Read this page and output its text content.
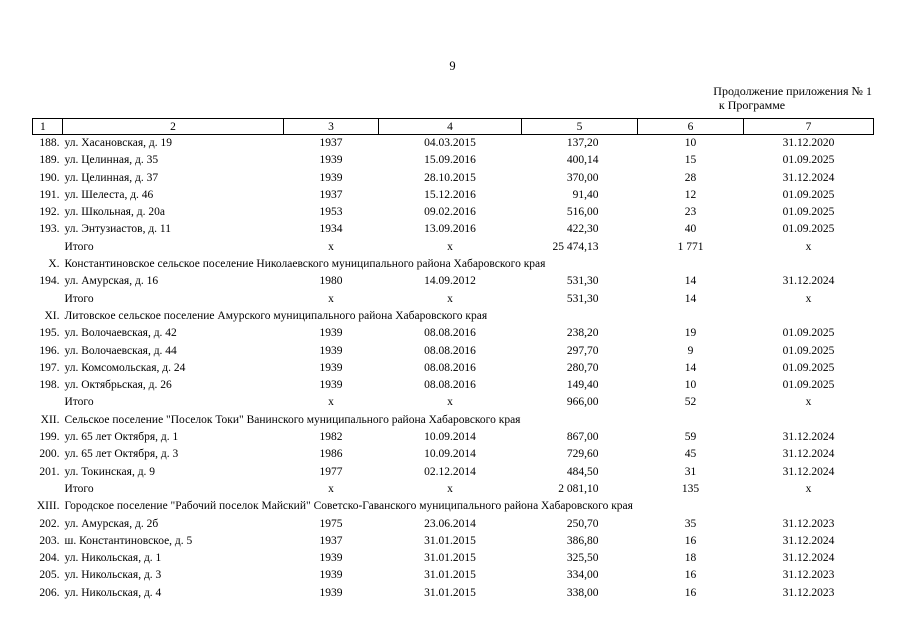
9
Продолжение приложения № 1
к Программе
1	2	3	4	5	6	7
188.	ул. Хасановская, д. 19	1937	04.03.2015	137,20	10	31.12.2020
189.	ул. Целинная, д. 35	1939	15.09.2016	400,14	15	01.09.2025
190.	ул. Целинная, д. 37	1939	28.10.2015	370,00	28	31.12.2024
191.	ул. Шелеста, д. 46	1937	15.12.2016	91,40	12	01.09.2025
192.	ул. Школьная, д. 20а	1953	09.02.2016	516,00	23	01.09.2025
193.	ул. Энтузиастов, д. 11	1934	13.09.2016	422,30	40	01.09.2025
	Итого	x	x	25 474,13	1 771	x
X.	Константиновское сельское поселение Николаевского муниципального района Хабаровского края					
194.	ул. Амурская, д. 16	1980	14.09.2012	531,30	14	31.12.2024
	Итого	x	x	531,30	14	x
XI.	Литовское сельское поселение Амурского муниципального района Хабаровского края					
195.	ул. Волочаевская, д. 42	1939	08.08.2016	238,20	19	01.09.2025
196.	ул. Волочаевская, д. 44	1939	08.08.2016	297,70	9	01.09.2025
197.	ул. Комсомольская, д. 24	1939	08.08.2016	280,70	14	01.09.2025
198.	ул. Октябрьская, д. 26	1939	08.08.2016	149,40	10	01.09.2025
	Итого	x	x	966,00	52	x
XII.	Сельское поселение "Поселок Токи" Ванинского муниципального района Хабаровского края					
199.	ул. 65 лет Октября, д. 1	1982	10.09.2014	867,00	59	31.12.2024
200.	ул. 65 лет Октября, д. 3	1986	10.09.2014	729,60	45	31.12.2024
201.	ул. Токинская, д. 9	1977	02.12.2014	484,50	31	31.12.2024
	Итого	x	x	2 081,10	135	x
XIII.	Городское поселение "Рабочий поселок Майский" Советско-Гаванского муниципального района Хабаровского края					
202.	ул. Амурская, д. 2б	1975	23.06.2014	250,70	35	31.12.2023
203.	ш. Константиновское, д. 5	1937	31.01.2015	386,80	16	31.12.2024
204.	ул. Никольская, д. 1	1939	31.01.2015	325,50	18	31.12.2024
205.	ул. Никольская, д. 3	1939	31.01.2015	334,00	16	31.12.2023
206.	ул. Никольская, д. 4	1939	31.01.2015	338,00	16	31.12.2023
